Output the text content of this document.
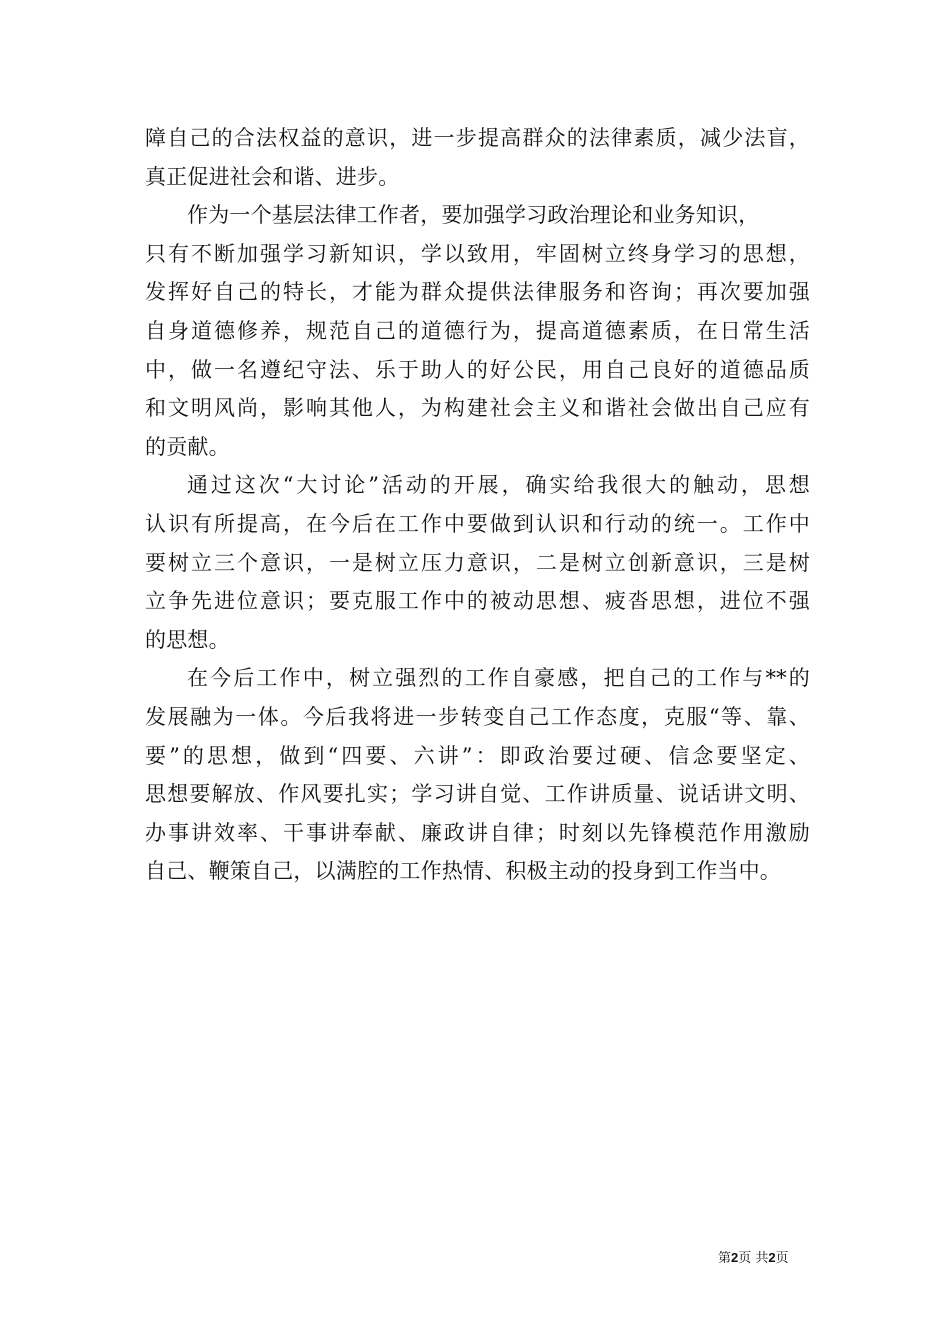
障自己的合法权益的意识，进一步提高群众的法律素质，减少法盲，
真正促进社会和谐、进步。
作为一个基层法律工作者，要加强学习政治理论和业务知识，
只有不断加强学习新知识，学以致用，牢固树立终身学习的思想，
发挥好自己的特长，才能为群众提供法律服务和咨询；再次要加强
自身道德修养，规范自己的道德行为，提高道德素质，在日常生活
中，做一名遵纪守法、乐于助人的好公民，用自己良好的道德品质
和文明风尚，影响其他人，为构建社会主义和谐社会做出自己应有
的贡献。
通过这次“大讨论”活动的开展，确实给我很大的触动，思想
认识有所提高，在今后在工作中要做到认识和行动的统一。工作中
要树立三个意识，一是树立压力意识，二是树立创新意识，三是树
立争先进位意识；要克服工作中的被动思想、疲沓思想，进位不强
的思想。
在今后工作中，树立强烈的工作自豪感，把自己的工作与**的
发展融为一体。今后我将进一步转变自己工作态度，克服“等、靠、
要”的思想，做到“四要、六讲”：即政治要过硬、信念要坚定、
思想要解放、作风要扎实；学习讲自觉、工作讲质量、说话讲文明、
办事讲效率、干事讲奉献、廉政讲自律；时刻以先锋模范作用激励
自己、鞭策自己，以满腔的工作热情、积极主动的投身到工作当中。
第2页 共2页
